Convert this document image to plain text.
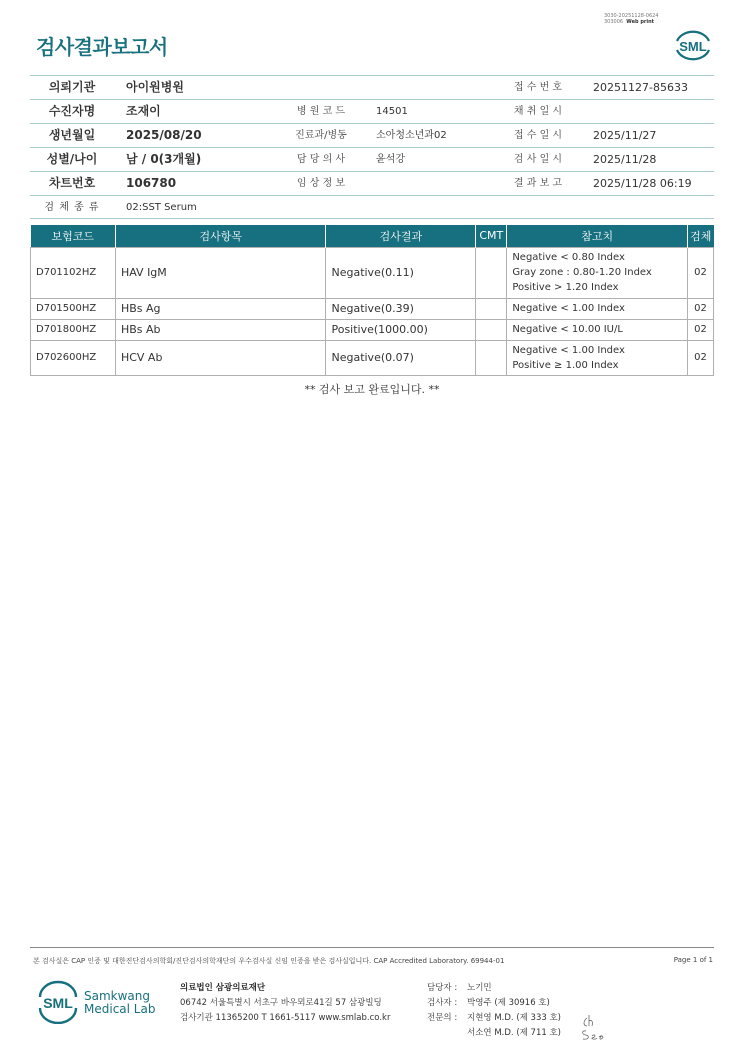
3030-20251128-0624
303006 Web print
검사결과보고서	SML
의뢰기관	아이원병원	접 수 번 호	20251127-85633
수진자명	조재이	병 원 코 드	14501	채 취 일 시
생년월일	2025/08/20	진료과/병동	소아청소년과02	접 수 일 시	2025/11/27
성별/나이	남 / 0(3개월)	담 당 의 사	윤석강	검 사 일 시	2025/11/28
차트번호	106780	임 상 정 보	결 과 보 고	2025/11/28 06:19
검 체 종 류	02:SST Serum
보험코드	검사항목	검사결과	CMT	참고치	검체
D701102HZ	HAV IgM	Negative(0.11)		Negative < 0.80 Index
Gray zone : 0.80-1.20 Index
Positive > 1.20 Index	02
D701500HZ	HBs Ag	Negative(0.39)		Negative < 1.00 Index	02
D701800HZ	HBs Ab	Positive(1000.00)		Negative < 10.00 IU/L	02
D702600HZ	HCV Ab	Negative(0.07)		Negative < 1.00 Index
Positive ≥ 1.00 Index	02
** 검사 보고 완료입니다. **
본 검사실은 CAP 인증 및 대한진단검사의학회/진단검사의학재단의 우수검사실 신임 인증을 받은 검사실입니다. CAP Accredited Laboratory. 69944-01	Page 1 of 1
SML Samkwang
Medical Lab
의료법인 삼광의료재단
06742 서울특별시 서초구 바우뫼로41길 57 삼광빌딩
검사기관 11365200 T 1661-5117 www.smlab.co.kr
담당자 : 노기민
검사자 : 박영주 (제 30916 호)
전문의 : 지현영 M.D. (제 333 호)
서소연 M.D. (제 711 호)
